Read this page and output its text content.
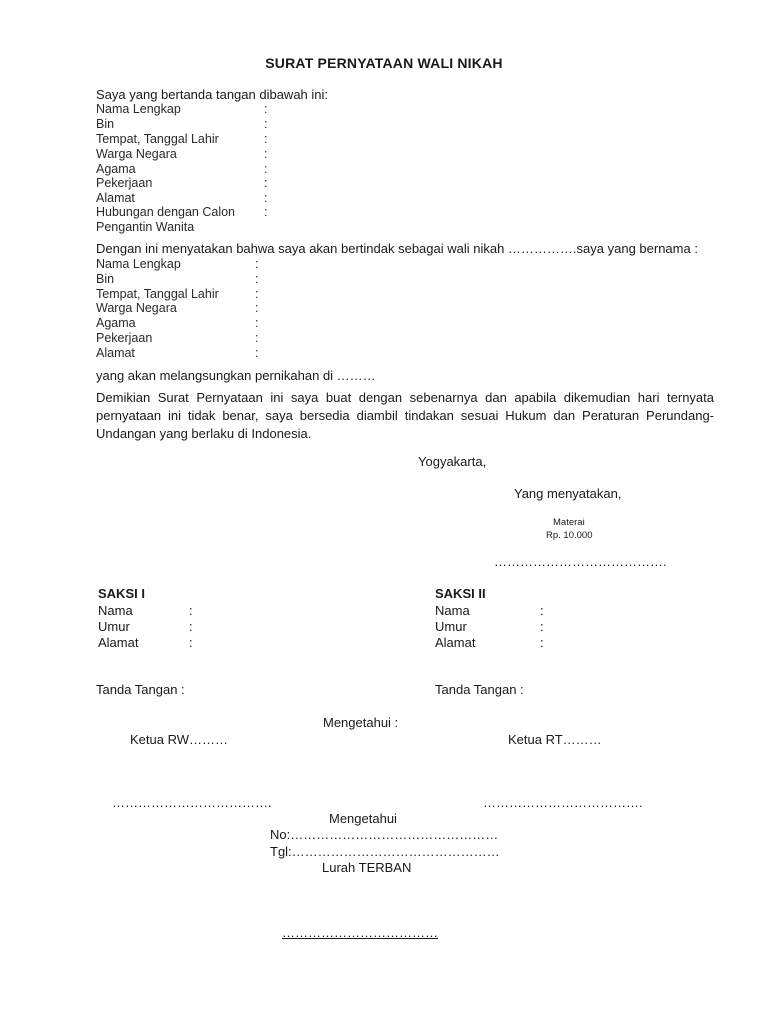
SURAT PERNYATAAN WALI NIKAH
Saya yang bertanda tangan dibawah ini:
Nama Lengkap	:
Bin	:
Tempat, Tanggal Lahir	:
Warga Negara	:
Agama	:
Pekerjaan	:
Alamat	:
Hubungan dengan Calon :
Pengantin Wanita
Dengan ini menyatakan bahwa saya akan bertindak sebagai wali nikah …………….saya yang bernama :
Nama Lengkap	:
Bin	:
Tempat, Tanggal Lahir	:
Warga Negara	:
Agama	:
Pekerjaan	:
Alamat	:
yang akan melangsungkan pernikahan di ………
Demikian Surat Pernyataan ini saya buat dengan sebenarnya dan apabila dikemudian hari ternyata pernyataan ini tidak benar, saya bersedia diambil tindakan sesuai Hukum dan Peraturan Perundang-Undangan yang berlaku di Indonesia.
Yogyakarta,
Yang menyatakan,
Materai
Rp. 10.000
………………………………….
SAKSI I
Nama	:
Umur	:
Alamat	:
Tanda Tangan :
SAKSI II
Nama	:
Umur	:
Alamat	:
Tanda Tangan :
Mengetahui :
Ketua RW………	Ketua RT………
……………………………….	……………………………….
Mengetahui
No:…………………………………………
Tgl:…………………………………………
Lurah TERBAN
………………………………
